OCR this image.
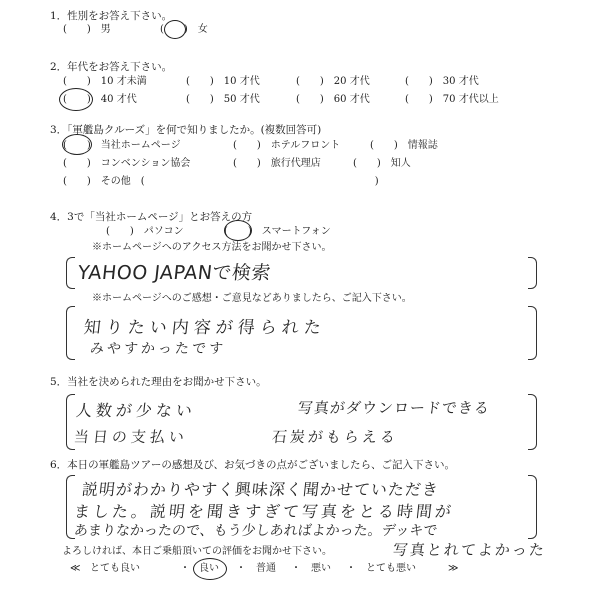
1．性別をお答え下さい。
(　　)　男	(　　)　女
2．年代をお答え下さい。
(　　)　10 才未満	(　　)　10 才代	(　　)　20 才代	(　　)　30 才代
(　　)　40 才代	(　　)　50 才代	(　　)　60 才代	(　　)　70 才代以上
3．「軍艦島クルーズ」を何で知りましたか。(複数回答可)
(　　)　当社ホームページ	(　　)　ホテルフロント	(　　)　情報誌
(　　)　コンベンション協会	(　　)　旅行代理店	(　　)　知人
(　　)　その他　(　　　　　　　　　　　　　　　　　　　　　　　)
4．3で「当社ホームページ」とお答えの方
(　　)　パソコン	(　　)　スマートフォン
※ホームページへのアクセス方法をお聞かせ下さい。
YAHOO JAPANで検索
※ホームページへのご感想・ご意見などありましたら、ご記入下さい。
知りたい内容が得られた
みやすかったです
5．当社を決められた理由をお聞かせ下さい。
人数が少ない	写真がダウンロードできる
当日の支払い	石炭がもらえる
6．本日の軍艦島ツアーの感想及び、お気づきの点がございましたら、ご記入下さい。
説明がわかりやすく興味深く聞かせていただき
ました。説明を聞きすぎて写真をとる時間が
あまりなかったので、もう少しあればよかった。デッキで
よろしければ、本日ご乗船頂いての評価をお聞かせ下さい。	写真とれてよかった
≪ とても良い	・ 良い ・ 普通 ・ 悪い ・ とても悪い	≫
